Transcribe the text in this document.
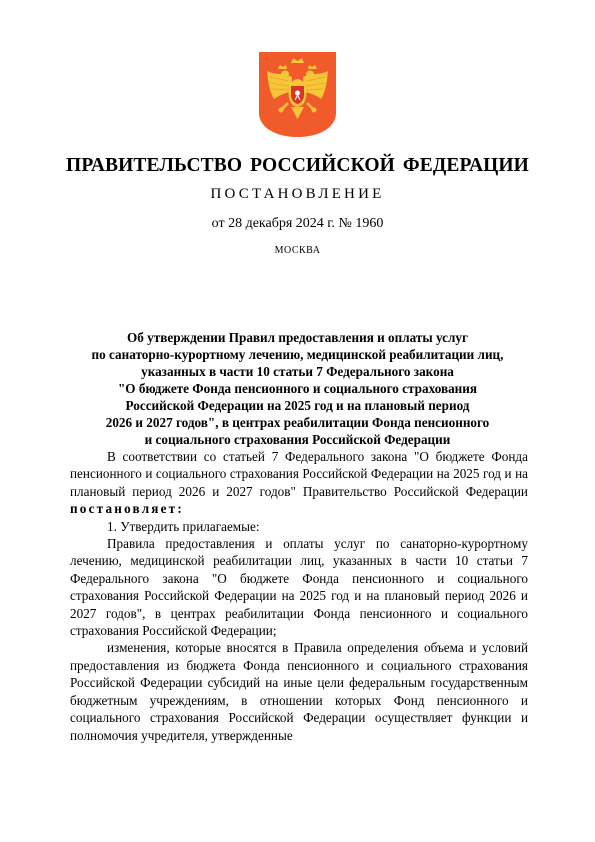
ПРАВИТЕЛЬСТВО РОССИЙСКОЙ ФЕДЕРАЦИИ
ПОСТАНОВЛЕНИЕ
от 28 декабря 2024 г. № 1960
МОСКВА
Об утверждении Правил предоставления и оплаты услуг
по санаторно-курортному лечению, медицинской реабилитации лиц,
указанных в части 10 статьи 7 Федерального закона
"О бюджете Фонда пенсионного и социального страхования
Российской Федерации на 2025 год и на плановый период
2026 и 2027 годов", в центрах реабилитации Фонда пенсионного
и социального страхования Российской Федерации

В соответствии со статьей 7 Федерального закона "О бюджете Фонда пенсионного и социального страхования Российской Федерации на 2025 год и на плановый период 2026 и 2027 годов" Правительство Российской Федерации постановляет:

1. Утвердить прилагаемые:

Правила предоставления и оплаты услуг по санаторно-курортному лечению, медицинской реабилитации лиц, указанных в части 10 статьи 7 Федерального закона "О бюджете Фонда пенсионного и социального страхования Российской Федерации на 2025 год и на плановый период 2026 и 2027 годов", в центрах реабилитации Фонда пенсионного и социального страхования Российской Федерации;

изменения, которые вносятся в Правила определения объема и условий предоставления из бюджета Фонда пенсионного и социального страхования Российской Федерации субсидий на иные цели федеральным государственным бюджетным учреждениям, в отношении которых Фонд пенсионного и социального страхования Российской Федерации осуществляет функции и полномочия учредителя, утвержденные
